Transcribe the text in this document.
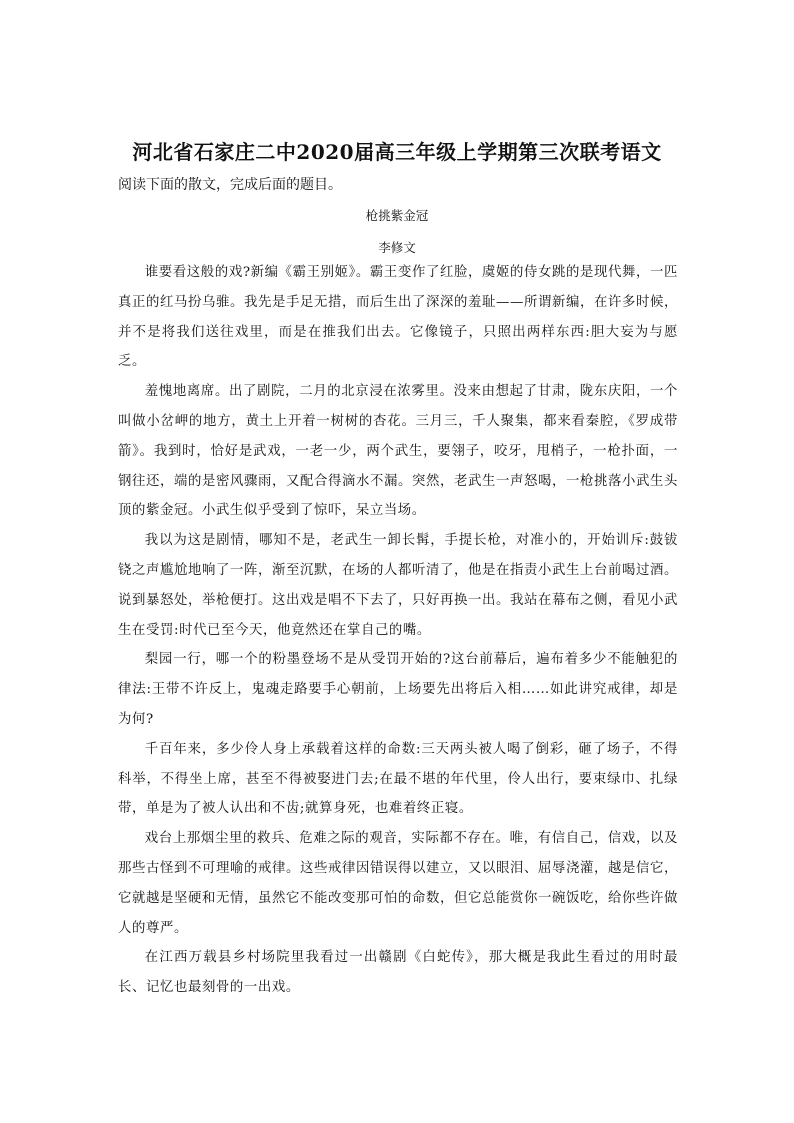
河北省石家庄二中2020届高三年级上学期第三次联考语文
阅读下面的散文，完成后面的题目。
枪挑紫金冠
李修文

谁要看这般的戏?新编《霸王别姬》。霸王变作了红脸，虞姬的侍女跳的是现代舞，一匹真正的红马扮乌骓。我先是手足无措，而后生出了深深的羞耻——所谓新编，在许多时候，并不是将我们送往戏里，而是在推我们出去。它像镜子，只照出两样东西:胆大妄为与愿乏。

羞愧地离席。出了剧院，二月的北京浸在浓雾里。没来由想起了甘肃，陇东庆阳，一个叫做小岔岬的地方，黄土上开着一树树的杏花。三月三，千人聚集，都来看秦腔，《罗成带箭》。我到时，恰好是武戏，一老一少，两个武生，要翎子，咬牙，甩梢子，一枪扑面，一钢往还，端的是密风骤雨，又配合得滴水不漏。突然，老武生一声怒喝，一枪挑落小武生头顶的紫金冠。小武生似乎受到了惊吓，呆立当场。

我以为这是剧情，哪知不是，老武生一卸长髯，手提长枪，对准小的，开始训斥:鼓钹铙之声尴尬地响了一阵，渐至沉默，在场的人都听清了，他是在指责小武生上台前喝过酒。说到暴怒处，举枪便打。这出戏是唱不下去了，只好再换一出。我站在幕布之侧，看见小武生在受罚:时代已至今天，他竟然还在掌自己的嘴。

梨园一行，哪一个的粉墨登场不是从受罚开始的?这台前幕后，遍布着多少不能触犯的律法:王带不许反上，鬼魂走路要手心朝前，上场要先出将后入相……如此讲究戒律，却是为何?

千百年来，多少伶人身上承载着这样的命数:三天两头被人喝了倒彩，砸了场子，不得科举，不得坐上席，甚至不得被娶进门去;在最不堪的年代里，伶人出行，要束绿巾、扎绿带，单是为了被人认出和不齿;就算身死，也难着终正寝。

戏台上那烟尘里的救兵、危难之际的观音，实际都不存在。唯，有信自己，信戏，以及那些古怪到不可理喻的戒律。这些戒律因错误得以建立，又以眼泪、屈辱浇灌，越是信它，它就越是坚硬和无情，虽然它不能改变那可怕的命数，但它总能赏你一碗饭吃，给你些许做人的尊严。

在江西万载县乡村场院里我看过一出赣剧《白蛇传》，那大概是我此生看过的用时最长、记忆也最刻骨的一出戏。
